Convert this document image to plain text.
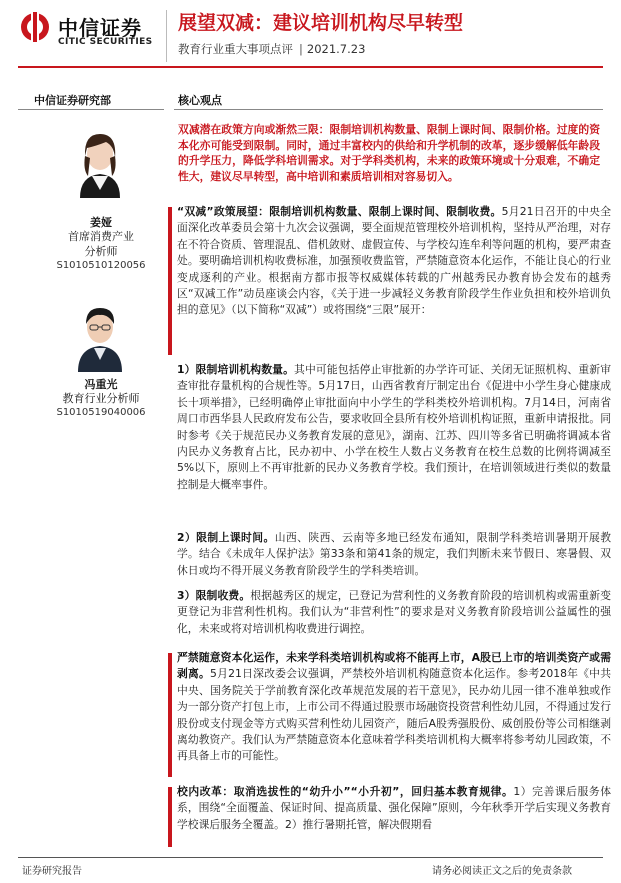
中信证券
CITIC SECURITIES
展望双减：建议培训机构尽早转型
教育行业重大事项点评 | 2021.7.23
中信证券研究部
姜娅
首席消费产业
分析师
S1010510120056
冯重光
教育行业分析师
S1010519040006
核心观点
双减潜在政策方向或渐然三限：限制培训机构数量、限制上课时间、限制价格。过度的资本化亦可能受到限制。同时，通过丰富校内的供给和升学机制的改革，逐步缓解低年龄段的升学压力，降低学科培训需求。对于学科类机构，未来的政策环境或十分艰难，不确定性大，建议尽早转型，高中培训和素质培训相对容易切入。
“双减”政策展望：限制培训机构数量、限制上课时间、限制收费。5月21日召开的中央全面深化改革委员会第十九次会议强调，要全面规范管理校外培训机构，坚持从严治理，对存在不符合资质、管理混乱、借机敛财、虚假宣传、与学校勾连牟利等问题的机构，要严肃查处。要明确培训机构收费标准，加强预收费监管，严禁随意资本化运作，不能让良心的行业变成逐利的产业。根据南方都市报等权威媒体转载的广州越秀民办教育协会发布的越秀区“双减工作”动员座谈会内容，《关于进一步减轻义务教育阶段学生作业负担和校外培训负担的意见》（以下简称“双减”）或将围绕“三限”展开：
1）限制培训机构数量。其中可能包括停止审批新的办学许可证、关闭无证照机构、重新审查审批存量机构的合规性等。5月17日，山西省教育厅制定出台《促进中小学生身心健康成长十项举措》，已经明确停止审批面向中小学生的学科类校外培训机构。7月14日，河南省周口市西华县人民政府发布公告，要求收回全县所有校外培训机构证照，重新申请报批。同时参考《关于规范民办义务教育发展的意见》，湖南、江苏、四川等多省已明确将调减本省内民办义务教育占比，民办初中、小学在校生人数占义务教育在校生总数的比例将调减至5%以下，原则上不再审批新的民办义务教育学校。我们预计，在培训领域进行类似的数量控制是大概率事件。
2）限制上课时间。山西、陕西、云南等多地已经发布通知，限制学科类培训暑期开展教学。结合《未成年人保护法》第33条和第41条的规定，我们判断未来节假日、寒暑假、双休日或均不得开展义务教育阶段学生的学科类培训。
3）限制收费。根据越秀区的规定，已登记为营利性的义务教育阶段的培训机构或需重新变更登记为非营利性机构。我们认为“非营利性”的要求是对义务教育阶段培训公益属性的强化，未来或将对培训机构收费进行调控。
严禁随意资本化运作，未来学科类培训机构或将不能再上市，A股已上市的培训类资产或需剥离。5月21日深改委会议强调，严禁校外培训机构随意资本化运作。参考2018年《中共中央、国务院关于学前教育深化改革规范发展的若干意见》，民办幼儿园一律不准单独或作为一部分资产打包上市，上市公司不得通过股票市场融资投资营利性幼儿园，不得通过发行股份或支付现金等方式购买营利性幼儿园资产，随后A股秀强股份、威创股份等公司相继剥离幼教资产。我们认为严禁随意资本化意味着学科类培训机构大概率将参考幼儿园政策，不再具备上市的可能性。
校内改革：取消选拔性的“幼升小”“小升初”，回归基本教育规律。1）完善课后服务体系，围绕“全面覆盖、保证时间、提高质量、强化保障”原则，今年秋季开学后实现义务教育学校课后服务全覆盖。2）推行暑期托管，解决假期看
证券研究报告	请务必阅读正文之后的免责条款
